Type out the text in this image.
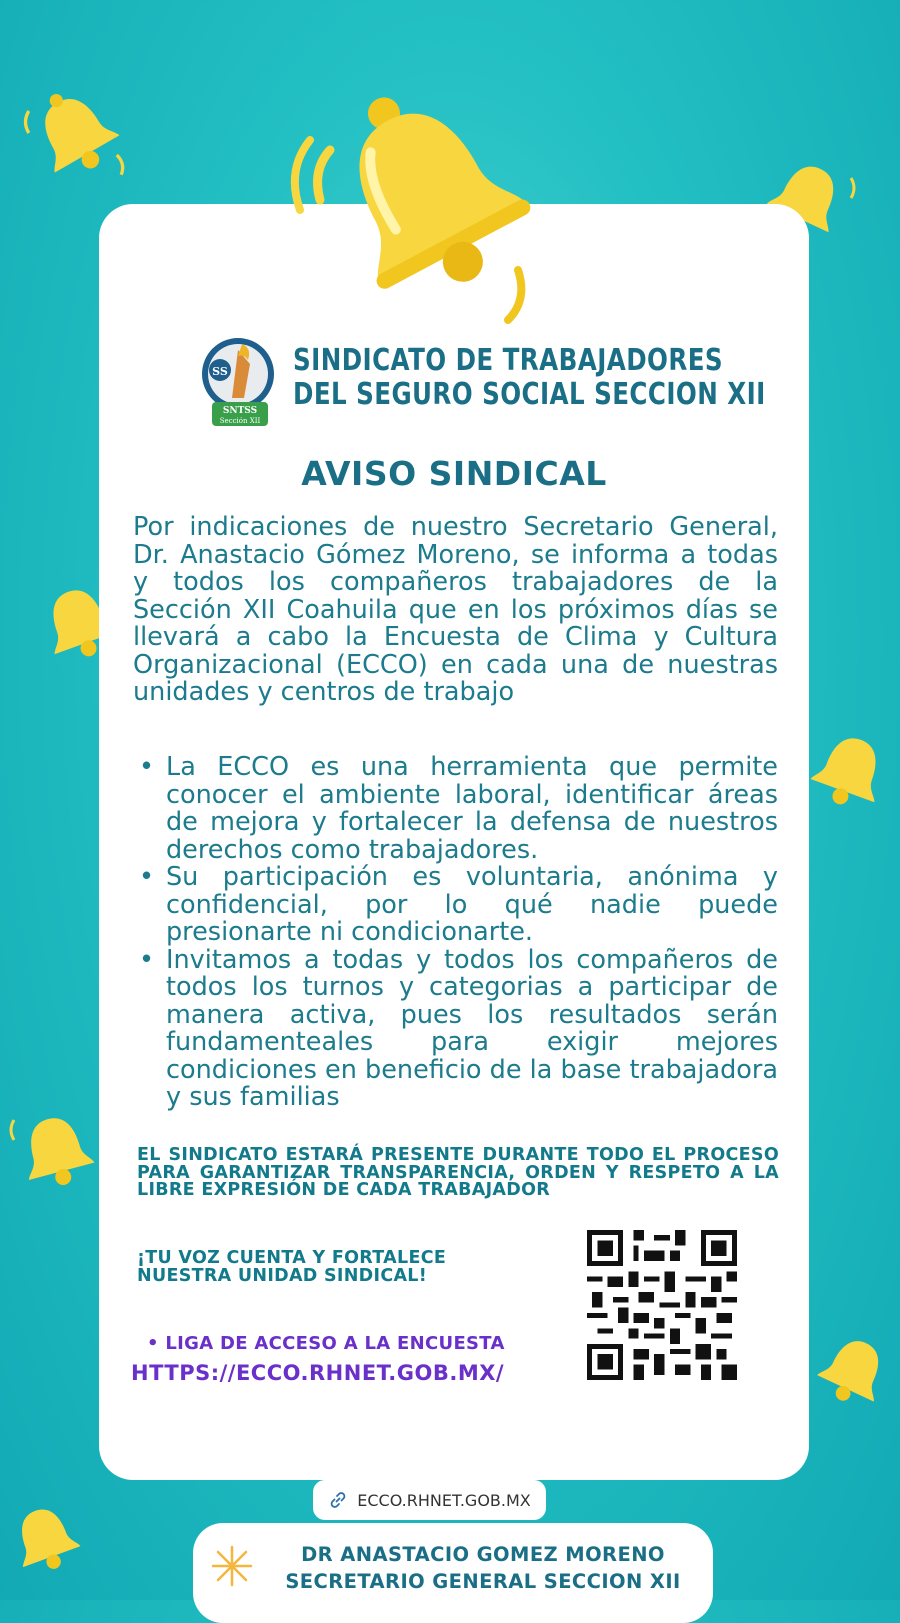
SS
SNTSS
Sección XII
SINDICATO DE TRABAJADORES
DEL SEGURO SOCIAL SECCION XII
AVISO SINDICAL
Por indicaciones de nuestro Secretario General, Dr. Anastacio Gómez Moreno, se informa a todas y todos los compañeros trabajadores de la Sección XII Coahuila que en los próximos días se llevará a cabo la Encuesta de Clima y Cultura Organizacional (ECCO) en cada una de nuestras unidades y centros de trabajo
• La ECCO es una herramienta que permite conocer el ambiente laboral, identificar áreas de mejora y fortalecer la defensa de nuestros derechos como trabajadores.
• Su participación es voluntaria, anónima y confidencial, por lo qué nadie puede presionarte ni condicionarte.
• Invitamos a todas y todos los compañeros de todos los turnos y categorias a participar de manera activa, pues los resultados serán fundamenteales para exigir mejores condiciones en beneficio de la base trabajadora y sus familias
EL SINDICATO ESTARÁ PRESENTE DURANTE TODO EL PROCESO PARA GARANTIZAR TRANSPARENCIA, ORDEN Y RESPETO A LA LIBRE EXPRESIÓN DE CADA TRABAJADOR
¡TU VOZ CUENTA Y FORTALECE
NUESTRA UNIDAD SINDICAL!
• LIGA DE ACCESO A LA ENCUESTA
HTTPS://ECCO.RHNET.GOB.MX/
ECCO.RHNET.GOB.MX
DR ANASTACIO GOMEZ MORENO
SECRETARIO GENERAL SECCION XII
